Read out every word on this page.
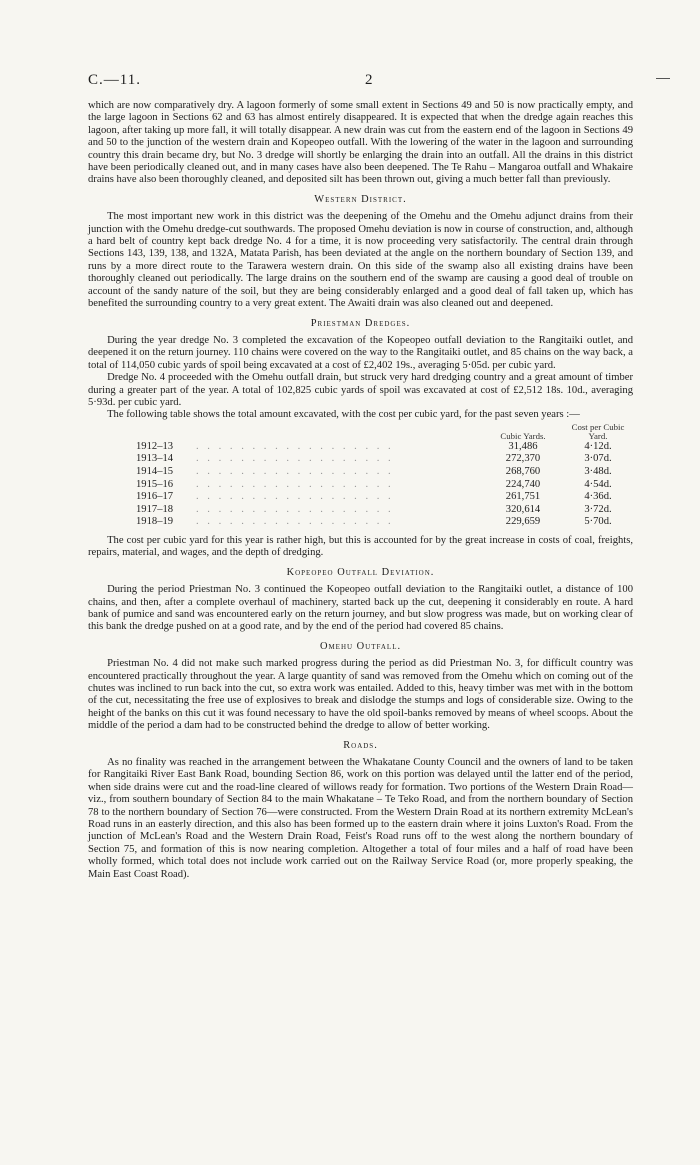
C.—11.	2

which are now comparatively dry. A lagoon formerly of some small extent in Sections 49 and 50 is now practically empty, and the large lagoon in Sections 62 and 63 has almost entirely disappeared. It is expected that when the dredge again reaches this lagoon, after taking up more fall, it will totally disappear. A new drain was cut from the eastern end of the lagoon in Sections 49 and 50 to the junction of the western drain and Kopeopeo outfall. With the lowering of the water in the lagoon and surrounding country this drain became dry, but No. 3 dredge will shortly be enlarging the drain into an outfall. All the drains in this district have been periodically cleaned out, and in many cases have also been deepened. The Te Rahu – Mangaroa outfall and Whakaire drains have also been thoroughly cleaned, and deposited silt has been thrown out, giving a much better fall than previously.

Western District.

The most important new work in this district was the deepening of the Omehu and the Omehu adjunct drains from their junction with the Omehu dredge-cut southwards. The proposed Omehu deviation is now in course of construction, and, although a hard belt of country kept back dredge No. 4 for a time, it is now proceeding very satisfactorily. The central drain through Sections 143, 139, 138, and 132A, Matata Parish, has been deviated at the angle on the northern boundary of Section 139, and runs by a more direct route to the Tarawera western drain. On this side of the swamp also all existing drains have been thoroughly cleaned out periodically. The large drains on the southern end of the swamp are causing a good deal of trouble on account of the sandy nature of the soil, but they are being considerably enlarged and a good deal of fall taken up, which has benefited the surrounding country to a very great extent. The Awaiti drain was also cleaned out and deepened.

Priestman Dredges.

During the year dredge No. 3 completed the excavation of the Kopeopeo outfall deviation to the Rangitaiki outlet, and deepened it on the return journey. 110 chains were covered on the way to the Rangitaiki outlet, and 85 chains on the way back, a total of 114,050 cubic yards of spoil being excavated at a cost of £2,402 19s., averaging 5·05d. per cubic yard.

Dredge No. 4 proceeded with the Omehu outfall drain, but struck very hard dredging country and a great amount of timber during a greater part of the year. A total of 102,825 cubic yards of spoil was excavated at cost of £2,512 18s. 10d., averaging 5·93d. per cubic yard.

The following table shows the total amount excavated, with the cost per cubic yard, for the past seven years :—

		Cubic Yards.	Cost per Cubic Yard.
1912–13	. . . . . . . . . . . . . . . . . .	31,486	4·12d.
1913–14	. . . . . . . . . . . . . . . . . .	272,370	3·07d.
1914–15	. . . . . . . . . . . . . . . . . .	268,760	3·48d.
1915–16	. . . . . . . . . . . . . . . . . .	224,740	4·54d.
1916–17	. . . . . . . . . . . . . . . . . .	261,751	4·36d.
1917–18	. . . . . . . . . . . . . . . . . .	320,614	3·72d.
1918–19	. . . . . . . . . . . . . . . . . .	229,659	5·70d.

The cost per cubic yard for this year is rather high, but this is accounted for by the great increase in costs of coal, freights, repairs, material, and wages, and the depth of dredging.

Kopeopeo Outfall Deviation.

During the period Priestman No. 3 continued the Kopeopeo outfall deviation to the Rangitaiki outlet, a distance of 100 chains, and then, after a complete overhaul of machinery, started back up the cut, deepening it considerably en route. A hard bank of pumice and sand was encountered early on the return journey, and but slow progress was made, but on working clear of this bank the dredge pushed on at a good rate, and by the end of the period had covered 85 chains.

Omehu Outfall.

Priestman No. 4 did not make such marked progress during the period as did Priestman No. 3, for difficult country was encountered practically throughout the year. A large quantity of sand was removed from the Omehu which on coming out of the chutes was inclined to run back into the cut, so extra work was entailed. Added to this, heavy timber was met with in the bottom of the cut, necessitating the free use of explosives to break and dislodge the stumps and logs of considerable size. Owing to the height of the banks on this cut it was found necessary to have the old spoil-banks removed by means of wheel scoops. About the middle of the period a dam had to be constructed behind the dredge to allow of better working.

Roads.

As no finality was reached in the arrangement between the Whakatane County Council and the owners of land to be taken for Rangitaiki River East Bank Road, bounding Section 86, work on this portion was delayed until the latter end of the period, when side drains were cut and the road-line cleared of willows ready for formation. Two portions of the Western Drain Road—viz., from southern boundary of Section 84 to the main Whakatane – Te Teko Road, and from the northern boundary of Section 78 to the northern boundary of Section 76—were constructed. From the Western Drain Road at its northern extremity McLean's Road runs in an easterly direction, and this also has been formed up to the eastern drain where it joins Luxton's Road. From the junction of McLean's Road and the Western Drain Road, Feist's Road runs off to the west along the northern boundary of Section 75, and formation of this is now nearing completion. Altogether a total of four miles and a half of road have been wholly formed, which total does not include work carried out on the Railway Service Road (or, more properly speaking, the Main East Coast Road).
